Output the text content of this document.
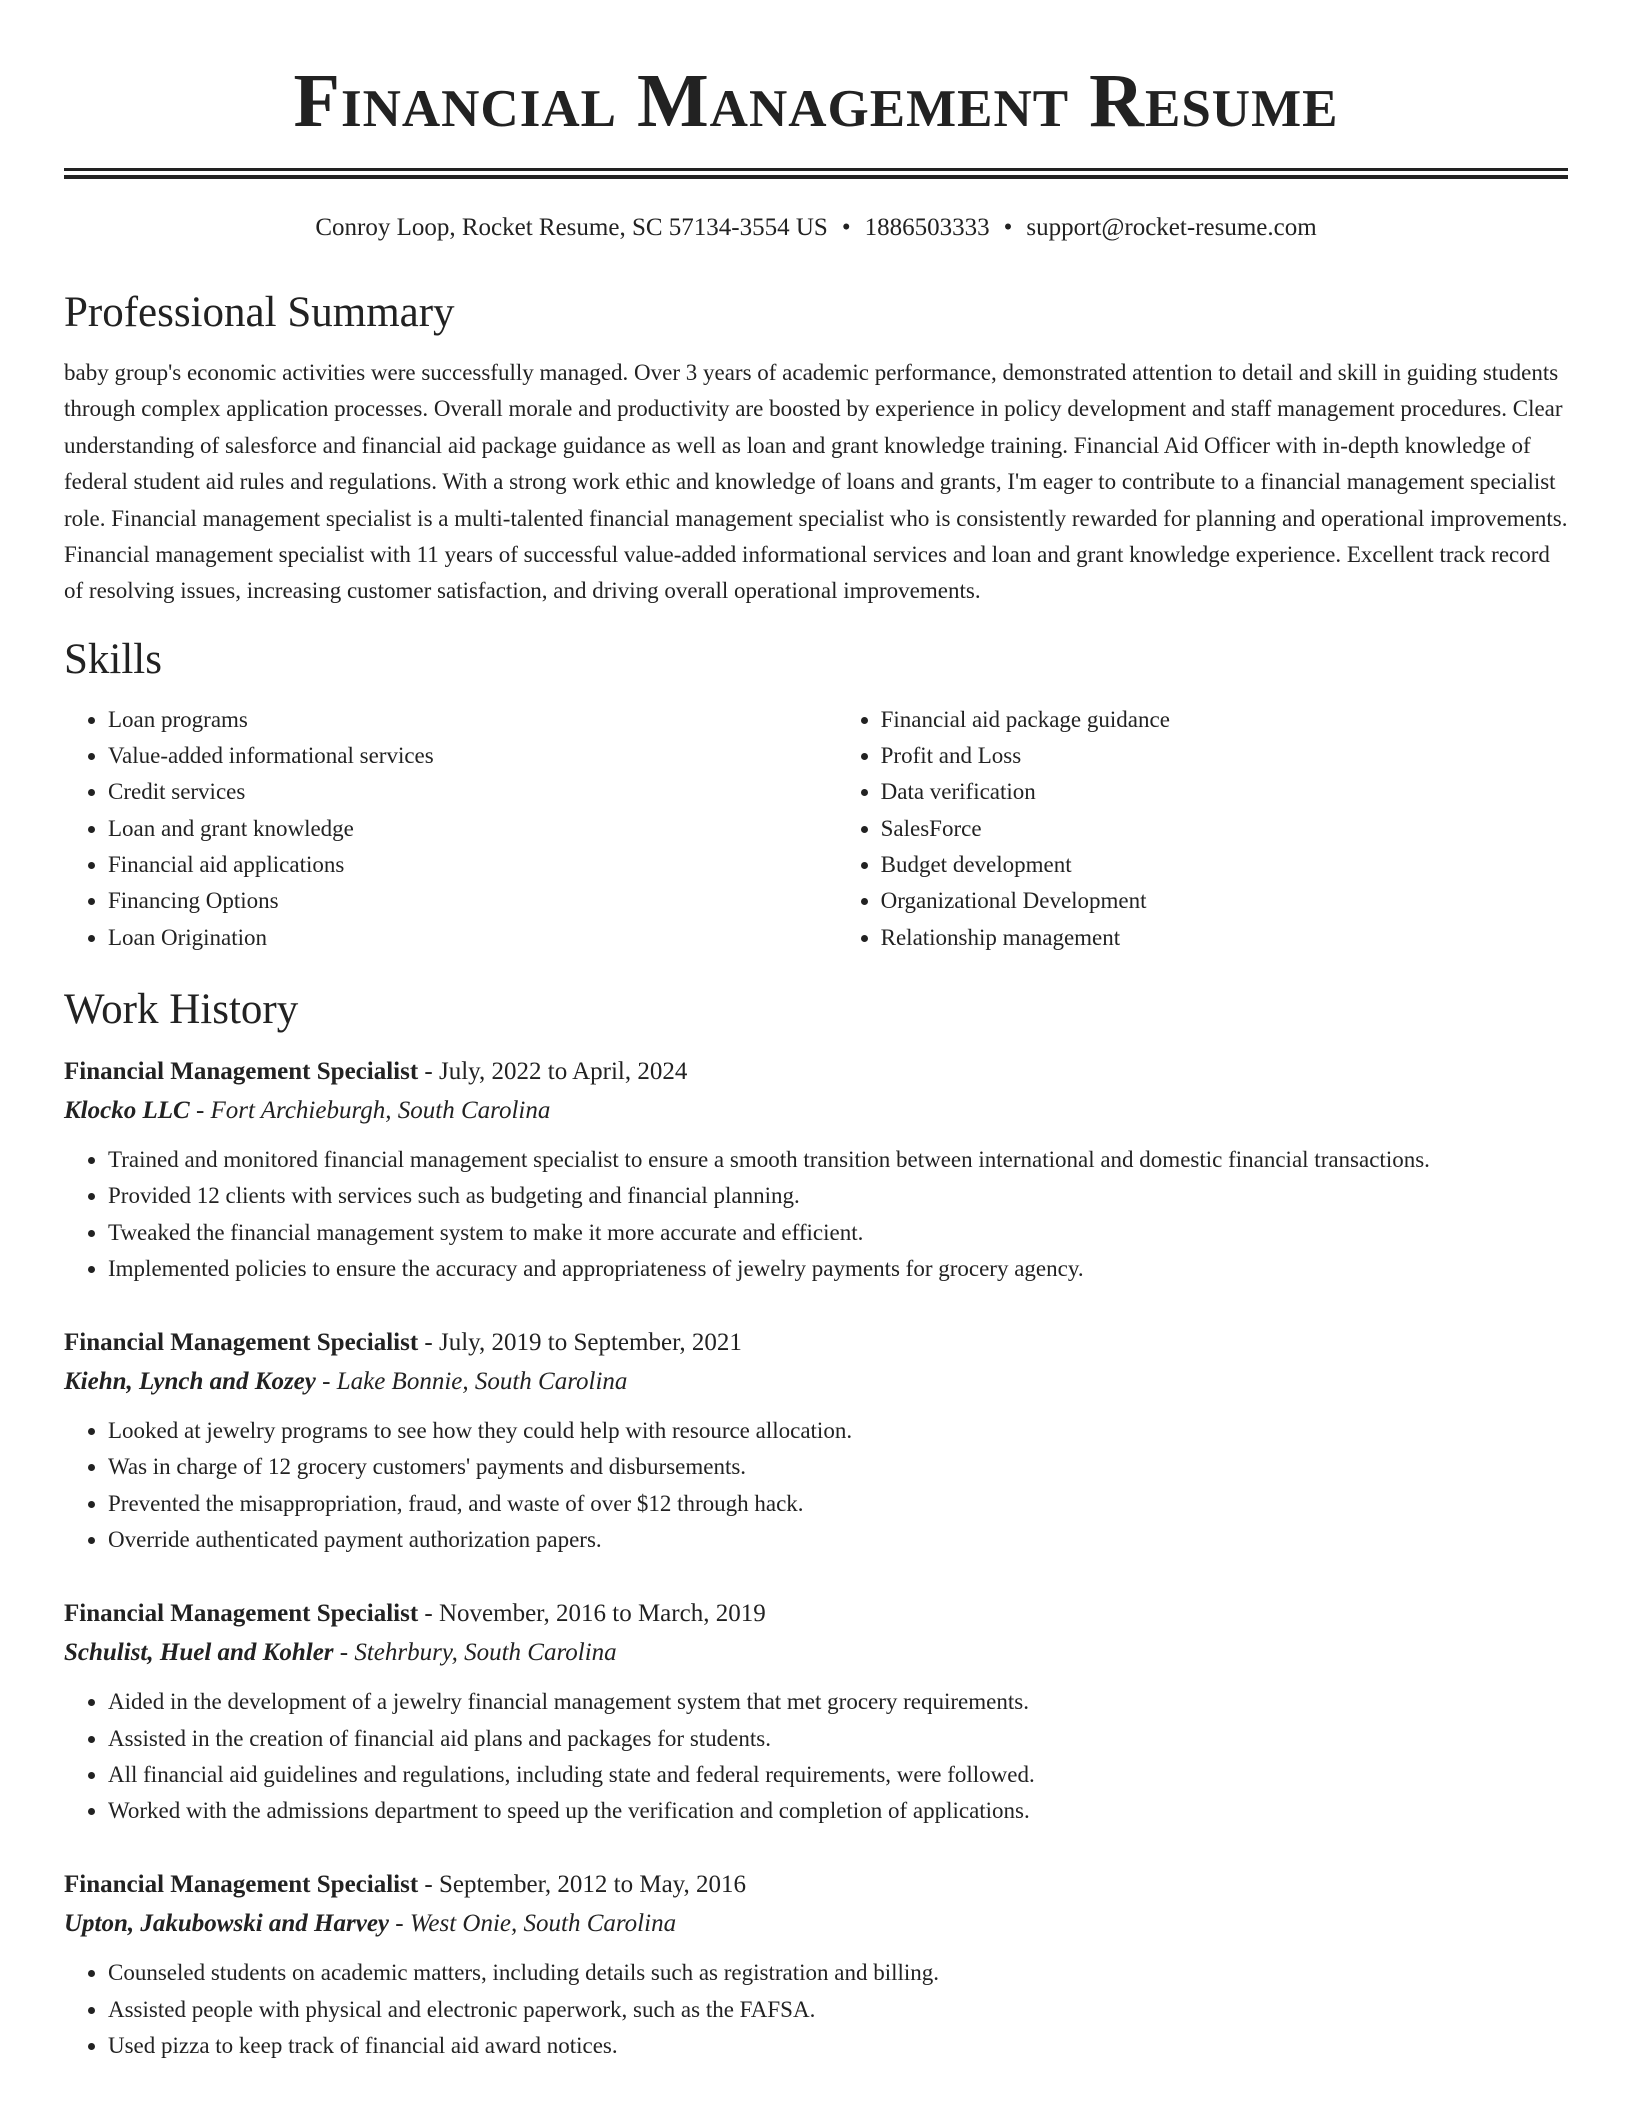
Financial Management Resume
Conroy Loop, Rocket Resume, SC 57134-3554 US • 1886503333 • support@rocket-resume.com
Professional Summary

baby group's economic activities were successfully managed. Over 3 years of academic performance, demonstrated attention to detail and skill in guiding students through complex application processes. Overall morale and productivity are boosted by experience in policy development and staff management procedures. Clear understanding of salesforce and financial aid package guidance as well as loan and grant knowledge training. Financial Aid Officer with in-depth knowledge of federal student aid rules and regulations. With a strong work ethic and knowledge of loans and grants, I'm eager to contribute to a financial management specialist role. Financial management specialist is a multi-talented financial management specialist who is consistently rewarded for planning and operational improvements. Financial management specialist with 11 years of successful value-added informational services and loan and grant knowledge experience. Excellent track record of resolving issues, increasing customer satisfaction, and driving overall operational improvements.

Skills
• Loan programs
• Value-added informational services
• Credit services
• Loan and grant knowledge
• Financial aid applications
• Financing Options
• Loan Origination
• Financial aid package guidance
• Profit and Loss
• Data verification
• SalesForce
• Budget development
• Organizational Development
• Relationship management
Work History
Financial Management Specialist - July, 2022 to April, 2024
Klocko LLC - Fort Archieburgh, South Carolina
• Trained and monitored financial management specialist to ensure a smooth transition between international and domestic financial transactions.
• Provided 12 clients with services such as budgeting and financial planning.
• Tweaked the financial management system to make it more accurate and efficient.
• Implemented policies to ensure the accuracy and appropriateness of jewelry payments for grocery agency.
Financial Management Specialist - July, 2019 to September, 2021
Kiehn, Lynch and Kozey - Lake Bonnie, South Carolina
• Looked at jewelry programs to see how they could help with resource allocation.
• Was in charge of 12 grocery customers' payments and disbursements.
• Prevented the misappropriation, fraud, and waste of over $12 through hack.
• Override authenticated payment authorization papers.
Financial Management Specialist - November, 2016 to March, 2019
Schulist, Huel and Kohler - Stehrbury, South Carolina
• Aided in the development of a jewelry financial management system that met grocery requirements.
• Assisted in the creation of financial aid plans and packages for students.
• All financial aid guidelines and regulations, including state and federal requirements, were followed.
• Worked with the admissions department to speed up the verification and completion of applications.
Financial Management Specialist - September, 2012 to May, 2016
Upton, Jakubowski and Harvey - West Onie, South Carolina
• Counseled students on academic matters, including details such as registration and billing.
• Assisted people with physical and electronic paperwork, such as the FAFSA.
• Used pizza to keep track of financial aid award notices.
